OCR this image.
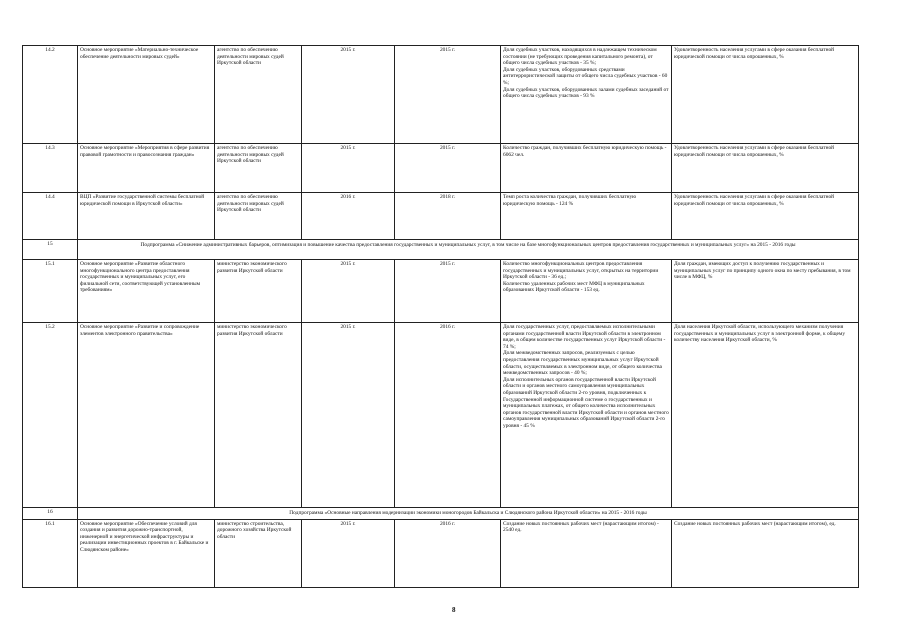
14.2	Основное мероприятие «Материально-техническое обеспечение деятельности мировых судей»	агентство по обеспечению деятельности мировых судей Иркутской области	2015 г.	2015 г.	Доля судебных участков, находящихся в надлежащем техническом состоянии (не требующих проведения капитального ремонта), от общего числа судебных участков - 35 %;
Доля судебных участков, оборудованных средствами антитеррористической защиты от общего числа судебных участков - 60 %;
Доля судебных участков, оборудованных залами судебных заседаний от общего числа судебных участков - 93 %	Удовлетворенность населения услугами в сфере оказания бесплатной юридической помощи от числа опрошенных, %
14.3	Основное мероприятие «Мероприятия в сфере развития правовой грамотности и правосознания граждан»	агентство по обеспечению деятельности мировых судей Иркутской области	2015 г.	2015 г.	Количество граждан, получивших бесплатную юридическую помощь - 6062 чел.	Удовлетворенность населения услугами в сфере оказания бесплатной юридической помощи от числа опрошенных, %
14.4	ВЦП «Развитие государственной системы бесплатной юридической помощи в Иркутской области»	агентство по обеспечению деятельности мировых судей Иркутской области	2016 г.	2018 г.	Темп роста количества граждан, получивших бесплатную юридическую помощь - 124 %	Удовлетворенность населения услугами в сфере оказания бесплатной юридической помощи от числа опрошенных, %
15	Подпрограмма «Снижение административных барьеров, оптимизация и повышение качества предоставления государственных и муниципальных услуг, в том числе на базе многофункциональных центров предоставления государственных и муниципальных услуг» на 2015 - 2016 годы					
15.1	Основное мероприятие «Развитие областного многофункционального центра предоставления государственных и муниципальных услуг, его филиальной сети, соответствующей установленным требованиям»	министерство экономического развития Иркутской области	2015 г.	2015 г.	Количество многофункциональных центров предоставления государственных и муниципальных услуг, открытых на территории Иркутской области - 36 ед.;
Количество удаленных рабочих мест МФЦ в муниципальных образованиях Иркутской области - 153 ед.	Доля граждан, имеющих доступ к получению государственных и муниципальных услуг по принципу одного окна по месту пребывания, в том числе в МФЦ, %
15.2	Основное мероприятие «Развитие и сопровождение элементов электронного правительства»	министерство экономического развития Иркутской области	2015 г.	2016 г.	Доля государственных услуг, предоставляемых исполнительными органами государственной власти Иркутской области в электронном виде, в общем количестве государственных услуг Иркутской области - 74 %;
Доля межведомственных запросов, реализуемых с целью предоставления государственных муниципальных услуг Иркутской области, осуществляемых в электронном виде, от общего количества межведомственных запросов - 40 %;
Доля исполнительных органов государственной власти Иркутской области и органов местного самоуправления муниципальных образований Иркутской области 2-го уровня, подключенных к Государственной информационной системе о государственных и муниципальных платежах, от общего количества исполнительных органов государственной власти Иркутской области и органов местного самоуправления муниципальных образований Иркутской области 2-го уровня - 45 %	Доля населения Иркутской области, использующего механизм получения государственных и муниципальных услуг в электронной форме, к общему количеству населения Иркутской области, %
16	Подпрограмма «Основные направления модернизации экономики моногородов Байкальска и Слюдянского района Иркутской области» на 2015 - 2016 годы					
16.1	Основное мероприятие «Обеспечение условий для создания и развития дорожно-транспортной, инженерной и энергетической инфраструктуры и реализации инвестиционных проектов в г. Байкальске и Слюдянском районе»	министерство строительства, дорожного хозяйства Иркутской области	2015 г.	2016 г.	Создание новых постоянных рабочих мест (нарастающим итогом) - 2540 ед.	Создание новых постоянных рабочих мест (нарастающим итогом), ед.
8
